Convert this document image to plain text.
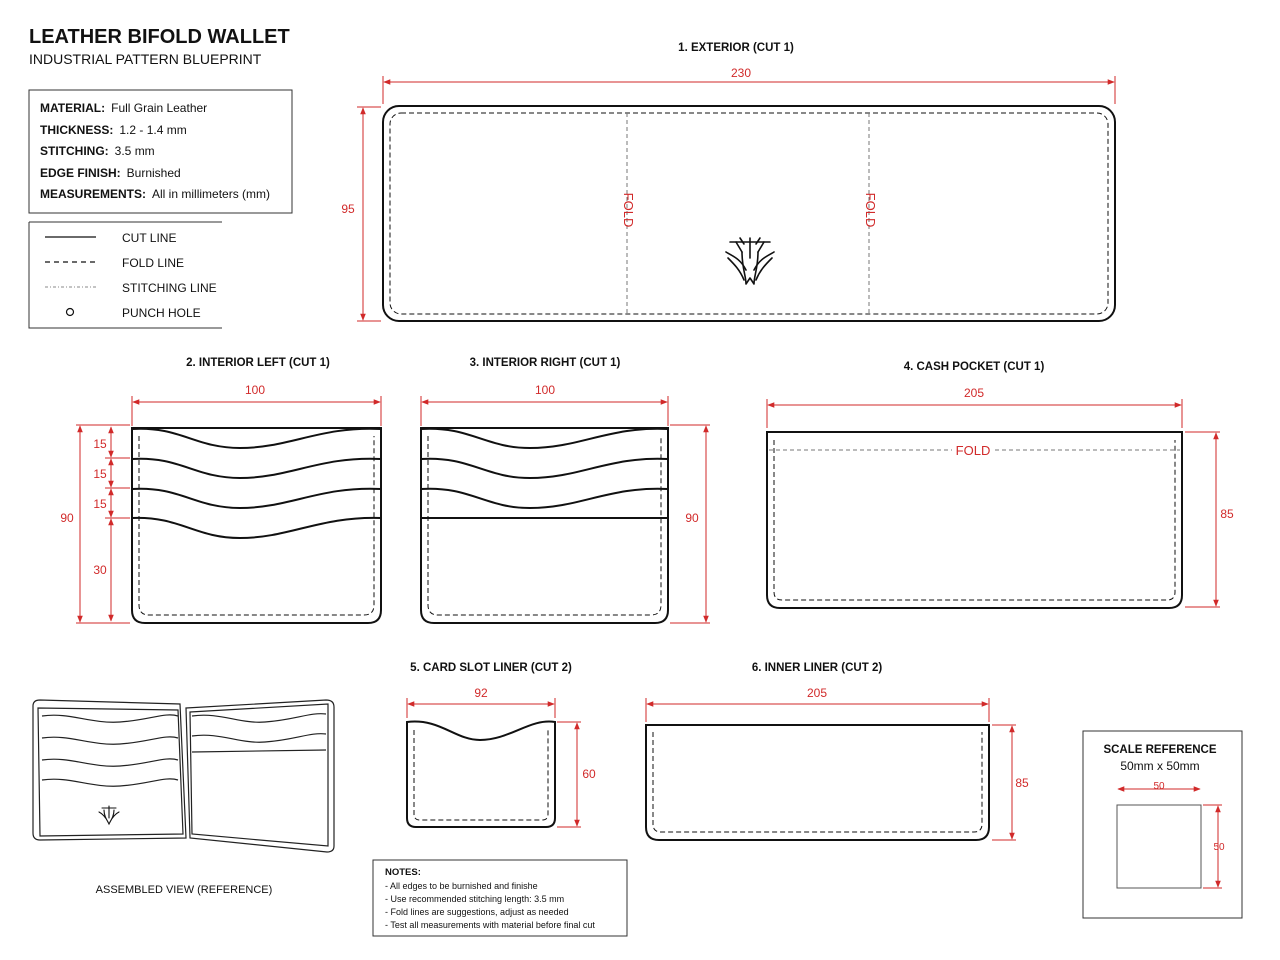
LEATHER BIFOLD WALLET
INDUSTRIAL PATTERN BLUEPRINT
MATERIAL: Full Grain Leather
THICKNESS: 1.2 - 1.4 mm
STITCHING: 3.5 mm
EDGE FINISH: Burnished
MEASUREMENTS: All in millimeters (mm)
CUT LINE
FOLD LINE
STITCHING LINE
PUNCH HOLE
1. EXTERIOR (CUT 1)
230
95	FOLD	FOLD
2. INTERIOR LEFT (CUT 1)
100
90
15
15
15
30
3. INTERIOR RIGHT (CUT 1)
100
90
4. CASH POCKET (CUT 1)
205
85
FOLD
ASSEMBLED VIEW (REFERENCE)
5. CARD SLOT LINER (CUT 2)
92
60
6. INNER LINER (CUT 2)
205
85
NOTES:
- All edges to be burnished and finishe
- Use recommended stitching length: 3.5 mm
- Fold lines are suggestions, adjust as needed
- Test all measurements with material before final cut
SCALE REFERENCE
50mm x 50mm
50
50
